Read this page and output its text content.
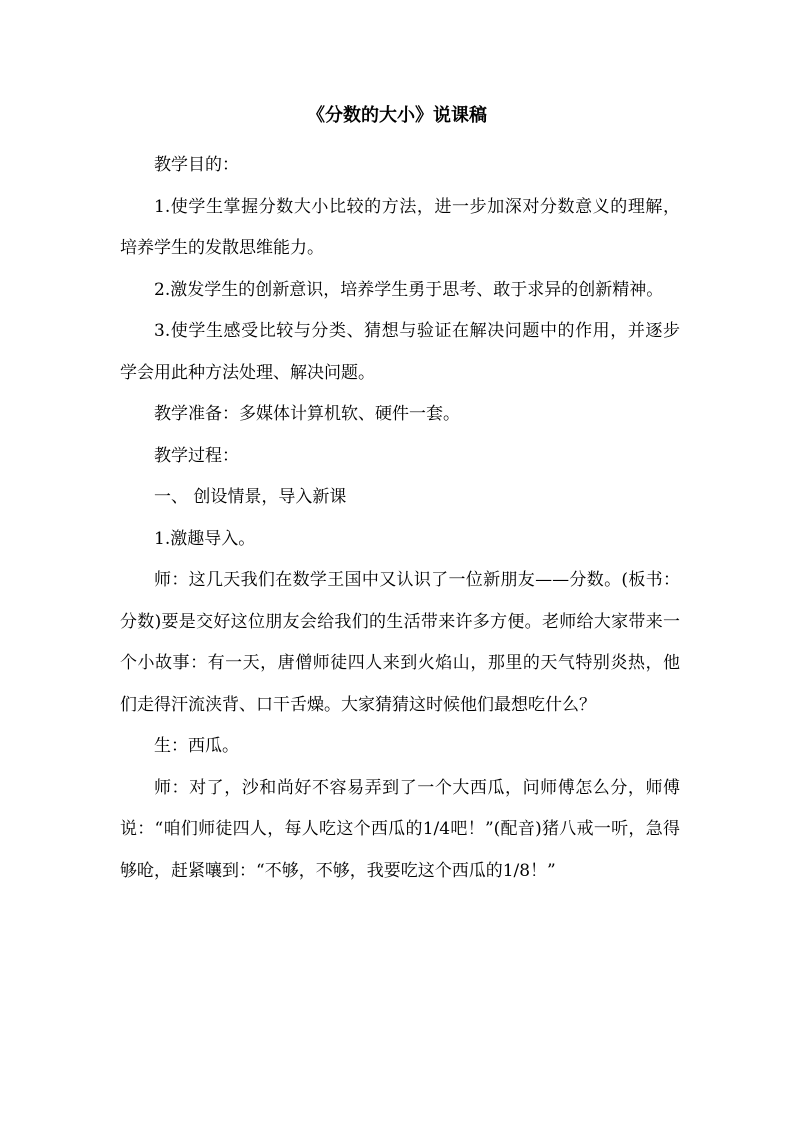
《分数的大小》说课稿

教学目的：

1.使学生掌握分数大小比较的方法，进一步加深对分数意义的理解，培养学生的发散思维能力。

2.激发学生的创新意识，培养学生勇于思考、敢于求异的创新精神。

3.使学生感受比较与分类、猜想与验证在解决问题中的作用，并逐步学会用此种方法处理、解决问题。

教学准备：多媒体计算机软、硬件一套。

教学过程：

一、 创设情景，导入新课

1.激趣导入。

师：这几天我们在数学王国中又认识了一位新朋友——分数。(板书：分数)要是交好这位朋友会给我们的生活带来许多方便。老师给大家带来一个小故事：有一天，唐僧师徒四人来到火焰山，那里的天气特别炎热，他们走得汗流浃背、口干舌燥。大家猜猜这时候他们最想吃什么？

生：西瓜。

师：对了，沙和尚好不容易弄到了一个大西瓜，问师傅怎么分，师傅说：“咱们师徒四人，每人吃这个西瓜的1/4吧！”(配音)猪八戒一听，急得够呛，赶紧嚷到：“不够，不够，我要吃这个西瓜的1/8！”
